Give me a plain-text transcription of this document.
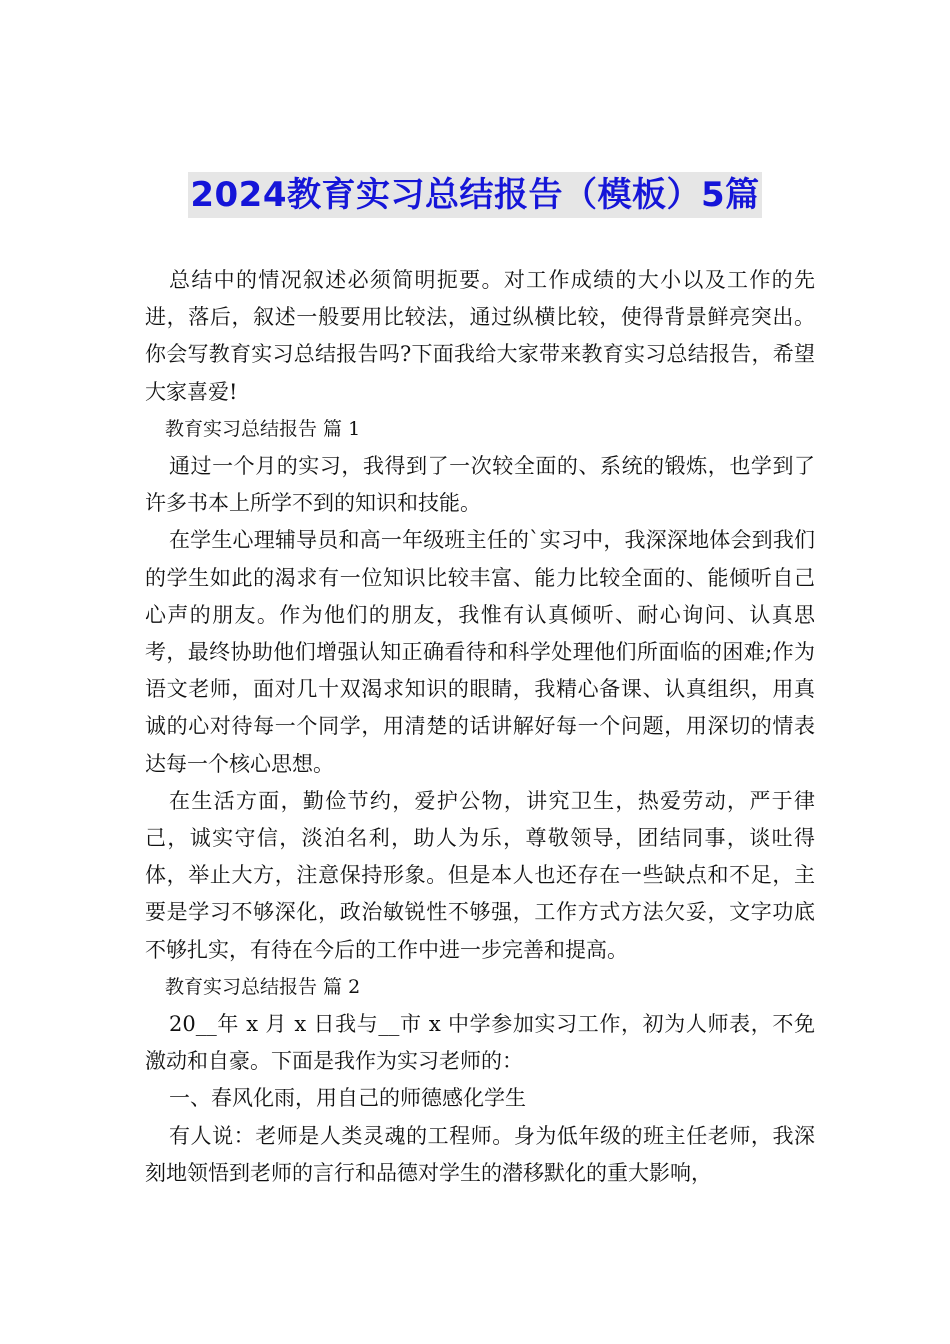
2024教育实习总结报告（模板）5篇

总结中的情况叙述必须简明扼要。对工作成绩的大小以及工作的先进，落后，叙述一般要用比较法，通过纵横比较，使得背景鲜亮突出。你会写教育实习总结报告吗?下面我给大家带来教育实习总结报告，希望大家喜爱!

教育实习总结报告 篇 1

通过一个月的实习，我得到了一次较全面的、系统的锻炼，也学到了许多书本上所学不到的知识和技能。

在学生心理辅导员和高一年级班主任的`实习中，我深深地体会到我们的学生如此的渴求有一位知识比较丰富、能力比较全面的、能倾听自己心声的朋友。作为他们的朋友，我惟有认真倾听、耐心询问、认真思考，最终协助他们增强认知正确看待和科学处理他们所面临的困难;作为语文老师，面对几十双渴求知识的眼睛，我精心备课、认真组织，用真诚的心对待每一个同学，用清楚的话讲解好每一个问题，用深切的情表达每一个核心思想。

在生活方面，勤俭节约，爱护公物，讲究卫生，热爱劳动，严于律己，诚实守信，淡泊名利，助人为乐，尊敬领导，团结同事，谈吐得体，举止大方，注意保持形象。但是本人也还存在一些缺点和不足，主要是学习不够深化，政治敏锐性不够强，工作方式方法欠妥，文字功底不够扎实，有待在今后的工作中进一步完善和提高。

教育实习总结报告 篇 2

20__年 x 月 x 日我与__市 x 中学参加实习工作，初为人师表，不免激动和自豪。下面是我作为实习老师的：

一、春风化雨，用自己的师德感化学生

有人说：老师是人类灵魂的工程师。身为低年级的班主任老师，我深刻地领悟到老师的言行和品德对学生的潜移默化的重大影响，
